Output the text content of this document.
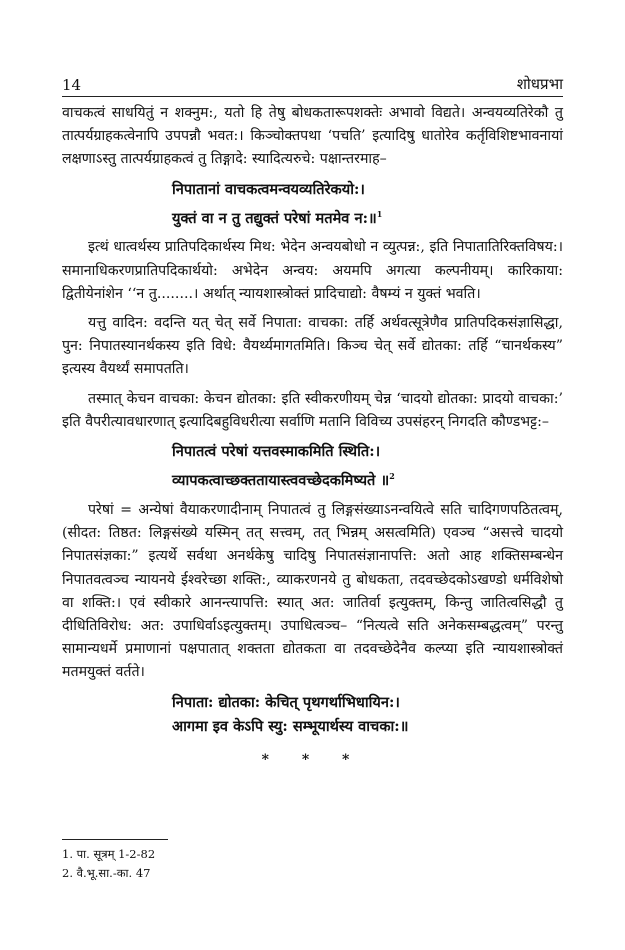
14	शोधप्रभा

वाचकत्वं साधयितुं न शक्नुम:, यतो हि तेषु बोधकतारूपशक्तेः अभावो विद्यते। अन्वयव्यतिरेकौ तु तात्पर्यग्राहकत्वेनापि उपपन्नौ भवत:। किञ्चोक्तपथा ‘पचति’ इत्यादिषु धातोरेव कर्तृविशिष्टभावनायां लक्षणाऽस्तु तात्पर्यग्राहकत्वं तु तिङ्गादे: स्यादित्यरुचे: पक्षान्तरमाह–

निपातानां वाचकत्वमन्वयव्यतिरेकयो:।
युक्तं वा न तु तद्युक्तं परेषां मतमेव न:॥$^1$

इत्थं धात्वर्थस्य प्रातिपदिकार्थस्य मिथ: भेदेन अन्वयबोधो न व्युत्पन्न:, इति निपातातिरिक्तविषय:। समानाधिकरणप्रातिपदिकार्थयो: अभेदेन अन्वय: अयमपि अगत्या कल्पनीयम्। कारिकाया: द्वितीयेनांशेन ‘‘न तु........। अर्थात् न्यायशास्त्रोक्तं प्रादिचाद्यो: वैषम्यं न युक्तं भवति।

यत्तु वादिन: वदन्ति यत् चेत् सर्वे निपाता: वाचका: तर्हि अर्थवत्सूत्रेणैव प्रातिपदिकसंज्ञासिद्धा, पुन: निपातस्यानर्थकस्य इति विधे: वैयर्थ्यमागतमिति। किञ्च चेत् सर्वे द्योतका: तर्हि “चानर्थकस्य” इत्यस्य वैयर्थ्यं समापतति।

तस्मात् केचन वाचका: केचन द्योतका: इति स्वीकरणीयम् चेन्न ‘चादयो द्योतका: प्रादयो वाचका:’ इति वैपरीत्यावधारणात् इत्यादिबहुविधरीत्या सर्वाणि मतानि विविच्य उपसंहरन् निगदति कौण्डभट्ट:–

निपातत्वं परेषां यत्तवस्माकमिति स्थिति:।
व्यापकत्वाच्छक्ततायास्त्ववच्छेदकमिष्यते ॥$^2$

परेषां = अन्येषां वैयाकरणादीनाम् निपातत्वं तु लिङ्गसंख्याऽनन्वयित्वे सति चादिगणपठितत्वम्, (सीदत: तिष्ठत: लिङ्गसंख्ये यस्मिन् तत् सत्त्वम्, तत् भिन्नम् असत्वमिति) एवञ्च “असत्त्वे चादयो निपातसंज्ञका:” इत्यर्थे सर्वथा अनर्थकेषु चादिषु निपातसंज्ञानापत्ति: अतो आह शक्तिसम्बन्धेन निपातवत्वञ्च न्यायनये ईश्वरेच्छा शक्ति:, व्याकरणनये तु बोधकता, तदवच्छेदकोऽखण्डो धर्मविशेषो वा शक्ति:। एवं स्वीकारे आनन्त्यापत्ति: स्यात् अत: जातिर्वा इत्युक्तम्, किन्तु जातित्वसिद्धौ तु दीधितिविरोध: अत: उपाधिर्वाऽइत्युक्तम्। उपाधित्वञ्च– “नित्यत्वे सति अनेकसम्बद्धत्वम्” परन्तु सामान्यधर्मे प्रमाणानां पक्षपातात् शक्तता द्योतकता वा तदवच्छेदेनैव कल्प्या इति न्यायशास्त्रोक्तं मतमयुक्तं वर्तते।

निपाता: द्योतका: केचित् पृथगर्थाभिधायिन:।
आगमा इव केऽपि स्यु: सम्भूयार्थस्य वाचका:॥
* * *
1. पा. सूत्रम् 1-2-82
2. वै.भू.सा.-का. 47
